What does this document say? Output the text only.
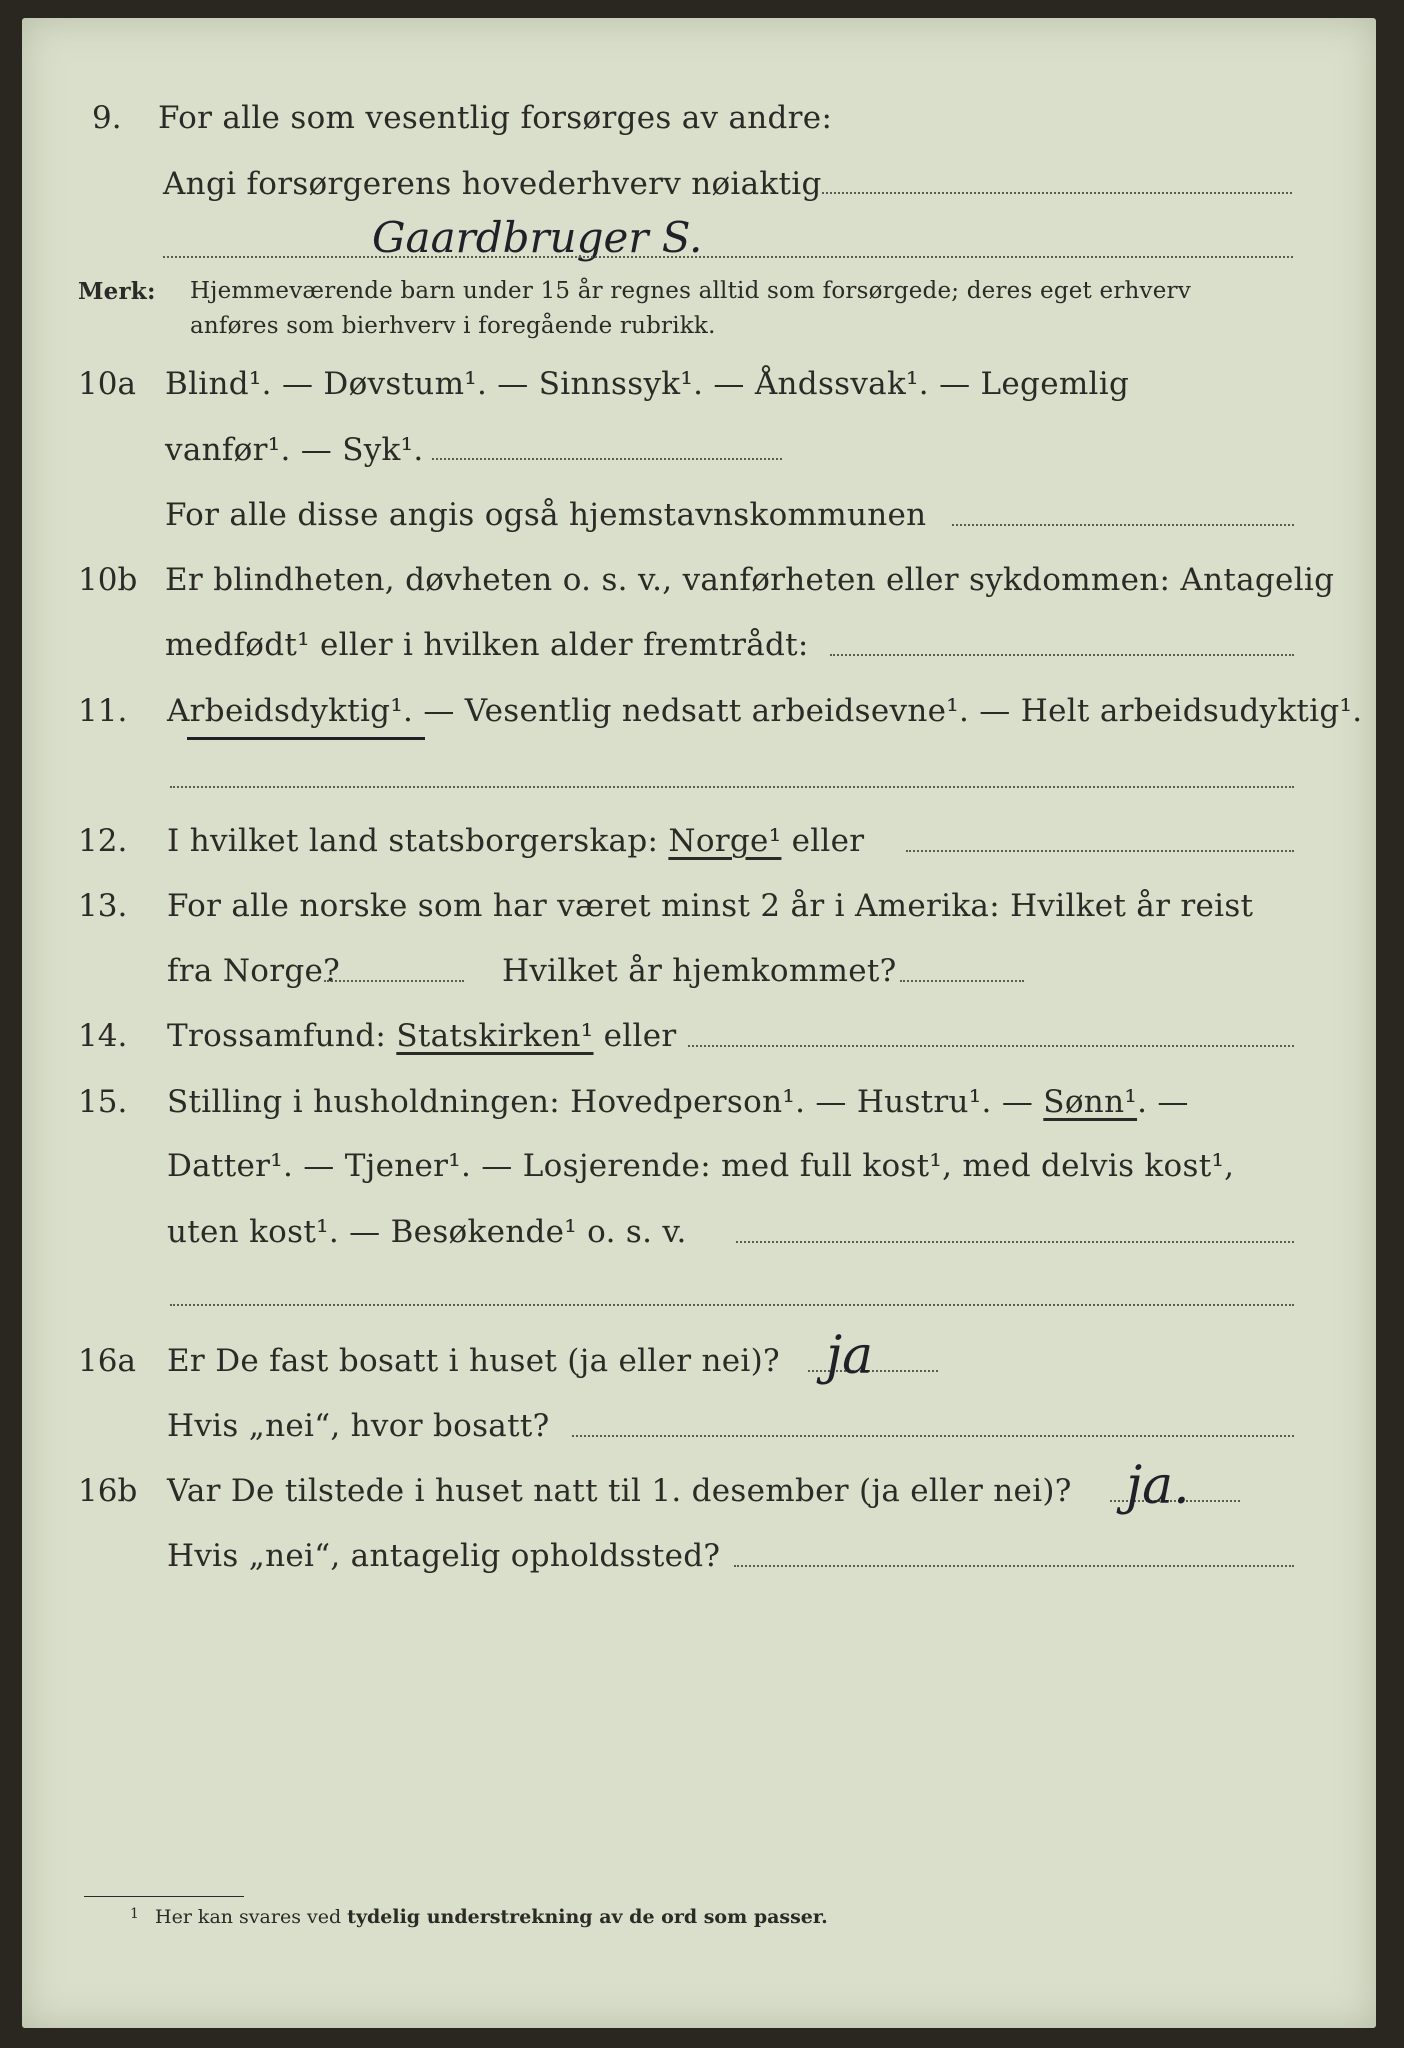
9. For alle som vesentlig forsørges av andre:
Angi forsørgerens hovederhverv nøiaktig
Gaardbruger S.
Merk: Hjemmeværende barn under 15 år regnes alltid som forsørgede; deres eget erhverv
anføres som bierhverv i foregående rubrikk.
10a Blind¹. — Døvstum¹. — Sinnssyk¹. — Åndssvak¹. — Legemlig
vanfør¹. — Syk¹.
For alle disse angis også hjemstavnskommunen
10b Er blindheten, døvheten o. s. v., vanførheten eller sykdommen: Antagelig
medfødt¹ eller i hvilken alder fremtrådt:
11. Arbeidsdyktig¹. — Vesentlig nedsatt arbeidsevne¹. — Helt arbeidsudyktig¹.
12. I hvilket land statsborgerskap: Norge¹ eller
13. For alle norske som har været minst 2 år i Amerika: Hvilket år reist
fra Norge?	Hvilket år hjemkommet?
14. Trossamfund: Statskirken¹ eller
15. Stilling i husholdningen: Hovedperson¹. — Hustru¹. — Sønn¹. —
Datter¹. — Tjener¹. — Losjerende: med full kost¹, med delvis kost¹,
uten kost¹. — Besøkende¹ o. s. v.
16a Er De fast bosatt i huset (ja eller nei)? ja
Hvis „nei“, hvor bosatt?
16b Var De tilstede i huset natt til 1. desember (ja eller nei)? ja.
Hvis „nei“, antagelig opholdssted?
1 Her kan svares ved tydelig understrekning av de ord som passer.
